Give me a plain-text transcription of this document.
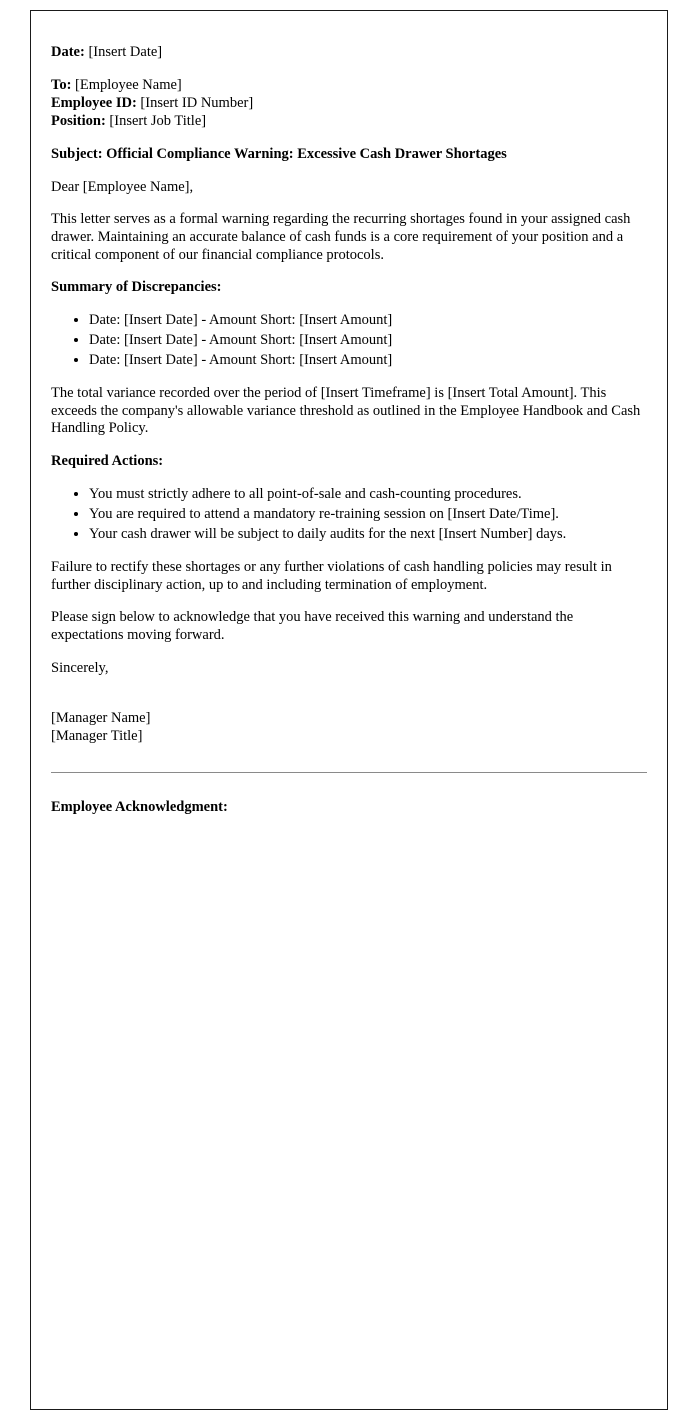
Date: [Insert Date]

To: [Employee Name]

Employee ID: [Insert ID Number]

Position: [Insert Job Title]

Subject: Official Compliance Warning: Excessive Cash Drawer Shortages

Dear [Employee Name],

This letter serves as a formal warning regarding the recurring shortages found in your assigned cash drawer. Maintaining an accurate balance of cash funds is a core requirement of your position and a critical component of our financial compliance protocols.

Summary of Discrepancies:

• Date: [Insert Date] - Amount Short: [Insert Amount]
• Date: [Insert Date] - Amount Short: [Insert Amount]
• Date: [Insert Date] - Amount Short: [Insert Amount]

The total variance recorded over the period of [Insert Timeframe] is [Insert Total Amount]. This exceeds the company's allowable variance threshold as outlined in the Employee Handbook and Cash Handling Policy.

Required Actions:

• You must strictly adhere to all point-of-sale and cash-counting procedures.
• You are required to attend a mandatory re-training session on [Insert Date/Time].
• Your cash drawer will be subject to daily audits for the next [Insert Number] days.

Failure to rectify these shortages or any further violations of cash handling policies may result in further disciplinary action, up to and including termination of employment.

Please sign below to acknowledge that you have received this warning and understand the expectations moving forward.

Sincerely,

[Manager Name]

[Manager Title]

Employee Acknowledgment:
